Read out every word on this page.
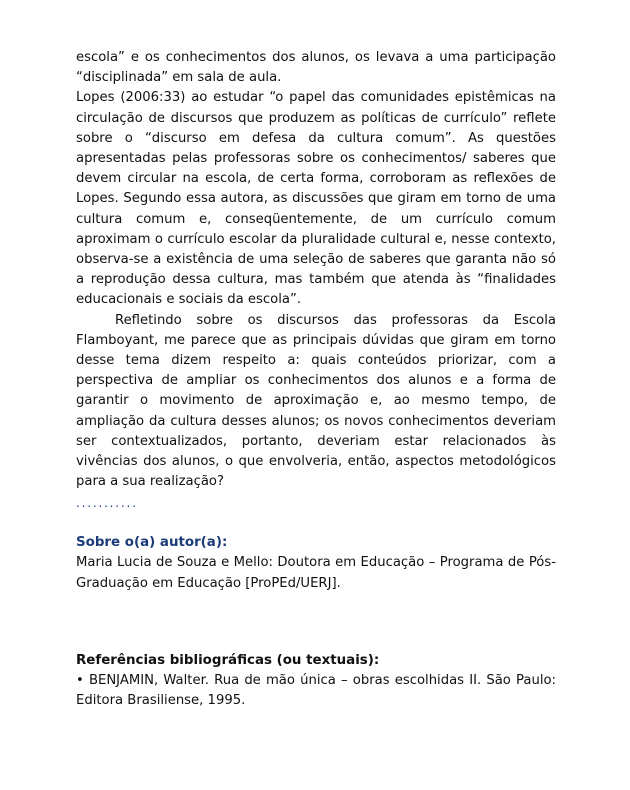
escola” e os conhecimentos dos alunos, os levava a uma participação “disciplinada” em sala de aula.

Lopes (2006:33) ao estudar “o papel das comunidades epistêmicas na circulação de discursos que produzem as políticas de currículo” reflete sobre o “discurso em defesa da cultura comum”. As questões apresentadas pelas professoras sobre os conhecimentos/ saberes que devem circular na escola, de certa forma, corroboram as reflexões de Lopes. Segundo essa autora, as discussões que giram em torno de uma cultura comum e, conseqüentemente, de um currículo comum aproximam o currículo escolar da pluralidade cultural e, nesse contexto, observa-se a existência de uma seleção de saberes que garanta não só a reprodução dessa cultura, mas também que atenda às “finalidades educacionais e sociais da escola”.

Refletindo sobre os discursos das professoras da Escola Flamboyant, me parece que as principais dúvidas que giram em torno desse tema dizem respeito a: quais conteúdos priorizar, com a perspectiva de ampliar os conhecimentos dos alunos e a forma de garantir o movimento de aproximação e, ao mesmo tempo, de ampliação da cultura desses alunos; os novos conhecimentos deveriam ser contextualizados, portanto, deveriam estar relacionados às vivências dos alunos, o que envolveria, então, aspectos metodológicos para a sua realização?

...........
Sobre o(a) autor(a):

Maria Lucia de Souza e Mello: Doutora em Educação – Programa de Pós-Graduação em Educação [ProPEd/UERJ].

Referências bibliográficas (ou textuais):

• BENJAMIN, Walter. Rua de mão única – obras escolhidas II. São Paulo: Editora Brasiliense, 1995.
